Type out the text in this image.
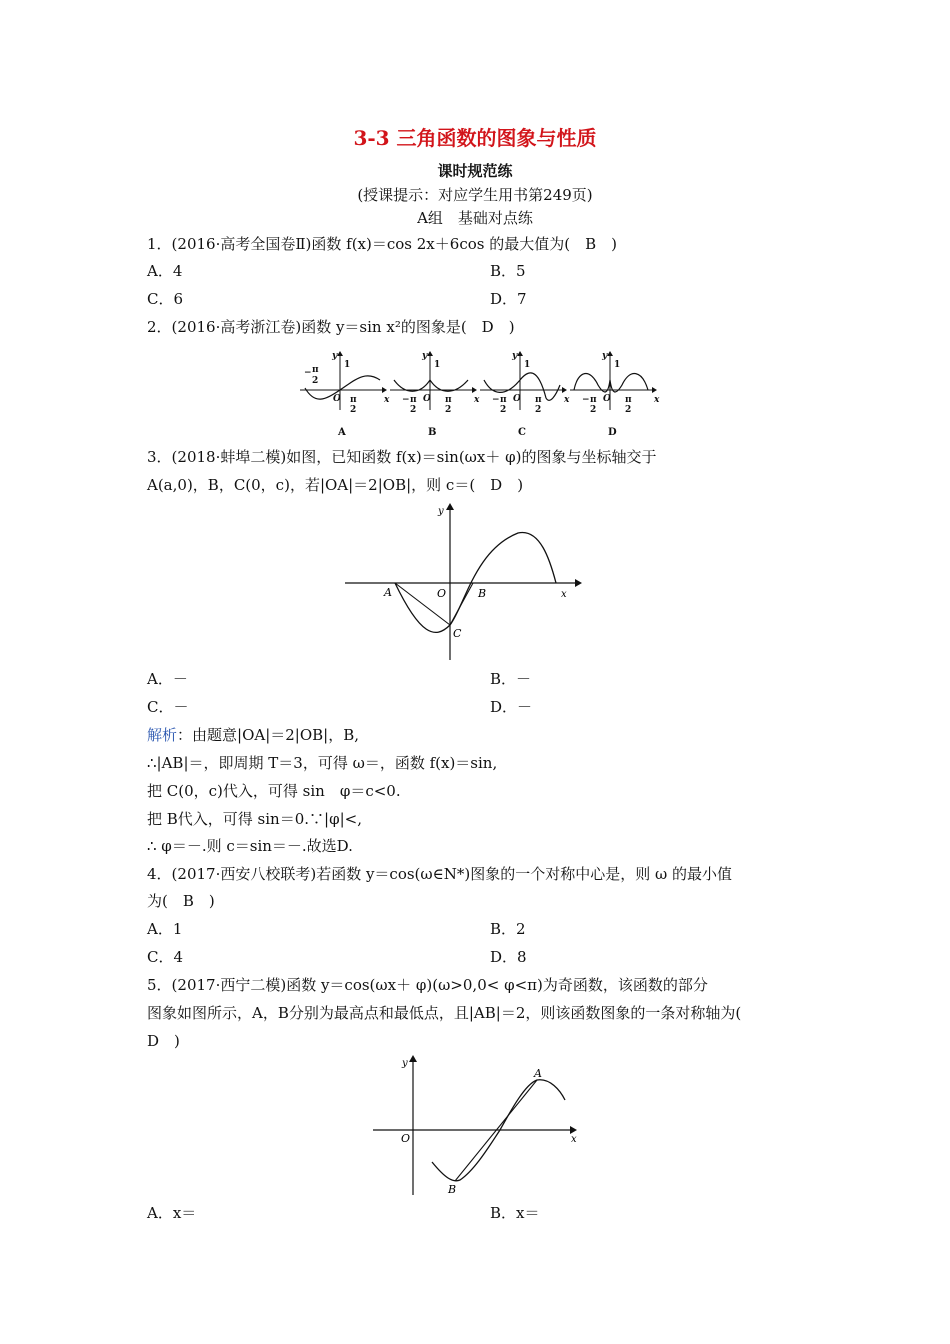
3-3 三角函数的图象与性质
课时规范练
(授课提示：对应学生用书第249页)
A组　基础对点练
1．(2016·高考全国卷Ⅱ)函数 f(x)＝cos 2x＋6cos 的最大值为(　B　)
A．4	B．5
C．6	D．7
2．(2016·高考浙江卷)函数 y＝sin x²的图象是(　D　)
1
O	x
y
− π
2
π
2
A
1
O	x
y
− π
2
π
2
B
1
O	x
y
− π
2
π
2
C
1
O	x
y
− π
2
π
2
D
3．(2018·蚌埠二模)如图，已知函数 f(x)＝sin(ωx＋ φ)的图象与坐标轴交于
A(a,0)，B，C(0，c)，若|OA|＝2|OB|，则 c＝(　D　)
A	O	B
C
x
y
A．－	B．－
C．－	D．－
解析：由题意|OA|＝2|OB|，B,
∴|AB|＝，即周期 T＝3，可得 ω＝，函数 f(x)＝sin,
把 C(0，c)代入，可得 sin　φ＝c<0.
把 B代入，可得 sin＝0.∵|φ|<,
∴ φ＝－.则 c＝sin＝－.故选D.
4．(2017·西安八校联考)若函数 y＝cos(ω∈N*)图象的一个对称中心是，则 ω 的最小值
为(　B　)
A．1	B．2
C．4	D．8
5．(2017·西宁二模)函数 y＝cos(ωx＋ φ)(ω>0,0< φ<π)为奇函数，该函数的部分
图象如图所示，A，B分别为最高点和最低点，且|AB|＝2，则该函数图象的一条对称轴为(
D　)
O
A
B
x
y
A．x＝	B．x＝
